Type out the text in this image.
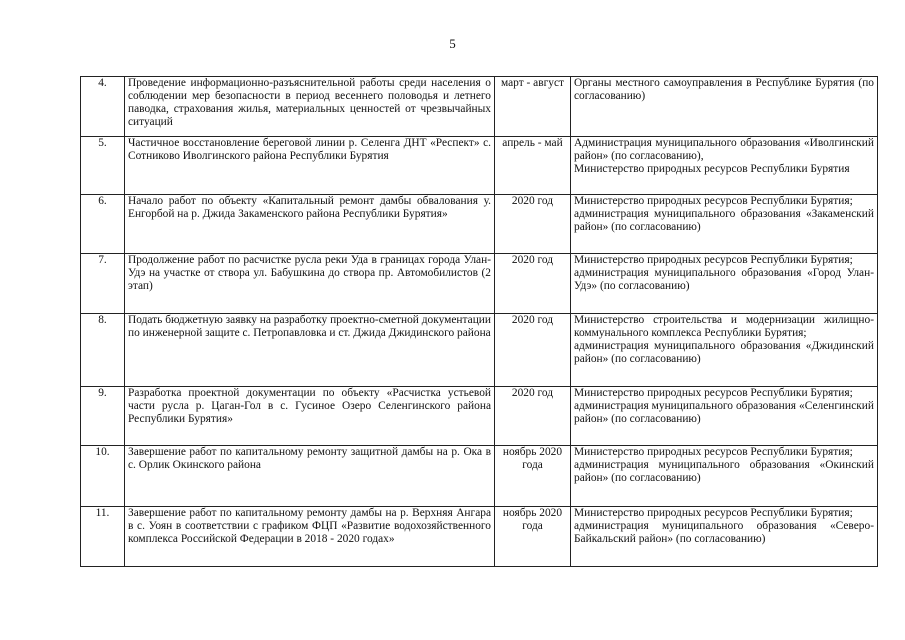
5
4.	Проведение информационно-разъяснительной работы среди населения о соблюдении мер безопасности в период весеннего половодья и летнего паводка, страхования жилья, материальных ценностей от чрезвычайных ситуаций	март - август	Органы местного самоуправления в Республике Бурятия (по согласованию)

5.	Частичное восстановление береговой линии р. Селенга ДНТ «Респект» с. Сотниково Иволгинского района Республики Бурятия	апрель - май	Администрация муниципального образования «Иволгинский район» (по согласованию),
Министерство природных ресурсов Республики Бурятия

6.	Начало работ по объекту «Капитальный ремонт дамбы обвалования у. Енгорбой на р. Джида Закаменского района Республики Бурятия»	2020 год	Министерство природных ресурсов Республики Бурятия;
администрация муниципального образования «Закаменский район» (по согласованию)

7.	Продолжение работ по расчистке русла реки Уда в границах города Улан-Удэ на участке от створа ул. Бабушкина до створа пр. Автомобилистов (2 этап)	2020 год	Министерство природных ресурсов Республики Бурятия;
администрация муниципального образования «Город Улан-Удэ» (по согласованию)

8.	Подать бюджетную заявку на разработку проектно-сметной документации по инженерной защите с. Петропавловка и ст. Джида Джидинского района	2020 год	Министерство строительства и модернизации жилищно-коммунального комплекса Республики Бурятия;
администрация муниципального образования «Джидинский район» (по согласованию)

9.	Разработка проектной документации по объекту «Расчистка устьевой части русла р. Цаган-Гол в с. Гусиное Озеро Селенгинского района Республики Бурятия»	2020 год	Министерство природных ресурсов Республики Бурятия;
администрация муниципального образования «Селенгинский район» (по согласованию)

10.	Завершение работ по капитальному ремонту защитной дамбы на р. Ока в с. Орлик Окинского района	ноябрь 2020 года	Министерство природных ресурсов Республики Бурятия;
администрация муниципального образования «Окинский район» (по согласованию)

11.	Завершение работ по капитальному ремонту дамбы на р. Верхняя Ангара в с. Уоян в соответствии с графиком ФЦП «Развитие водохозяйственного комплекса Российской Федерации в 2018 - 2020 годах»	ноябрь 2020 года	Министерство природных ресурсов Республики Бурятия;
администрация муниципального образования «Северо-Байкальский район» (по согласованию)
